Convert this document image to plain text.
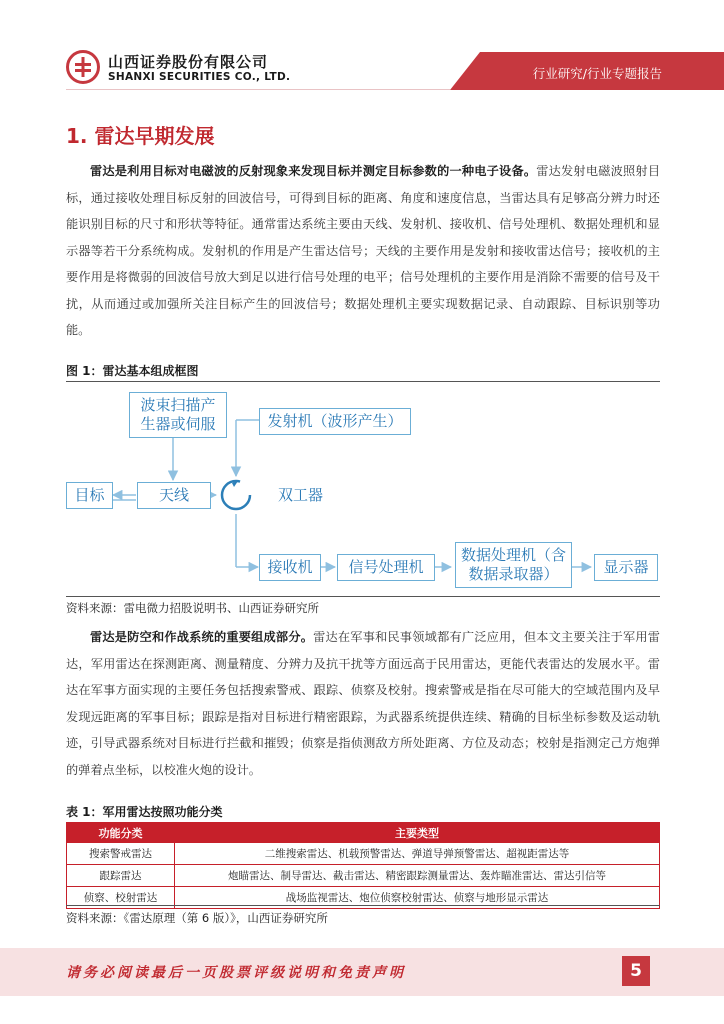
山西证券股份有限公司
SHANXI SECURITIES CO., LTD.	行业研究/行业专题报告
1. 雷达早期发展
雷达是利用目标对电磁波的反射现象来发现目标并测定目标参数的一种电子设备。雷达发射电磁波照射目标，通过接收处理目标反射的回波信号，可得到目标的距离、角度和速度信息，当雷达具有足够高分辨力时还能识别目标的尺寸和形状等特征。通常雷达系统主要由天线、发射机、接收机、信号处理机、数据处理机和显示器等若干分系统构成。发射机的作用是产生雷达信号；天线的主要作用是发射和接收雷达信号；接收机的主要作用是将微弱的回波信号放大到足以进行信号处理的电平；信号处理机的主要作用是消除不需要的信号及干扰，从而通过或加强所关注目标产生的回波信号；数据处理机主要实现数据记录、自动跟踪、目标识别等功能。
图 1：雷达基本组成框图
波束扫描产生器或伺服	发射机（波形产生）
目标	天线	双工器
接收机	信号处理机
数据处理机（含数据录取器）	显示器
资料来源：雷电微力招股说明书、山西证券研究所
雷达是防空和作战系统的重要组成部分。雷达在军事和民事领域都有广泛应用，但本文主要关注于军用雷达，军用雷达在探测距离、测量精度、分辨力及抗干扰等方面远高于民用雷达，更能代表雷达的发展水平。雷达在军事方面实现的主要任务包括搜索警戒、跟踪、侦察及校射。搜索警戒是指在尽可能大的空域范围内及早发现远距离的军事目标；跟踪是指对目标进行精密跟踪，为武器系统提供连续、精确的目标坐标参数及运动轨迹，引导武器系统对目标进行拦截和摧毁；侦察是指侦测敌方所处距离、方位及动态；校射是指测定己方炮弹的弹着点坐标，以校准火炮的设计。
表 1：军用雷达按照功能分类
功能分类	主要类型
搜索警戒雷达	二维搜索雷达、机载预警雷达、弹道导弹预警雷达、超视距雷达等
跟踪雷达	炮瞄雷达、制导雷达、截击雷达、精密跟踪测量雷达、轰炸瞄准雷达、雷达引信等
侦察、校射雷达	战场监视雷达、炮位侦察校射雷达、侦察与地形显示雷达
资料来源：《雷达原理（第 6 版）》，山西证券研究所
请务必阅读最后一页股票评级说明和免责声明	5
